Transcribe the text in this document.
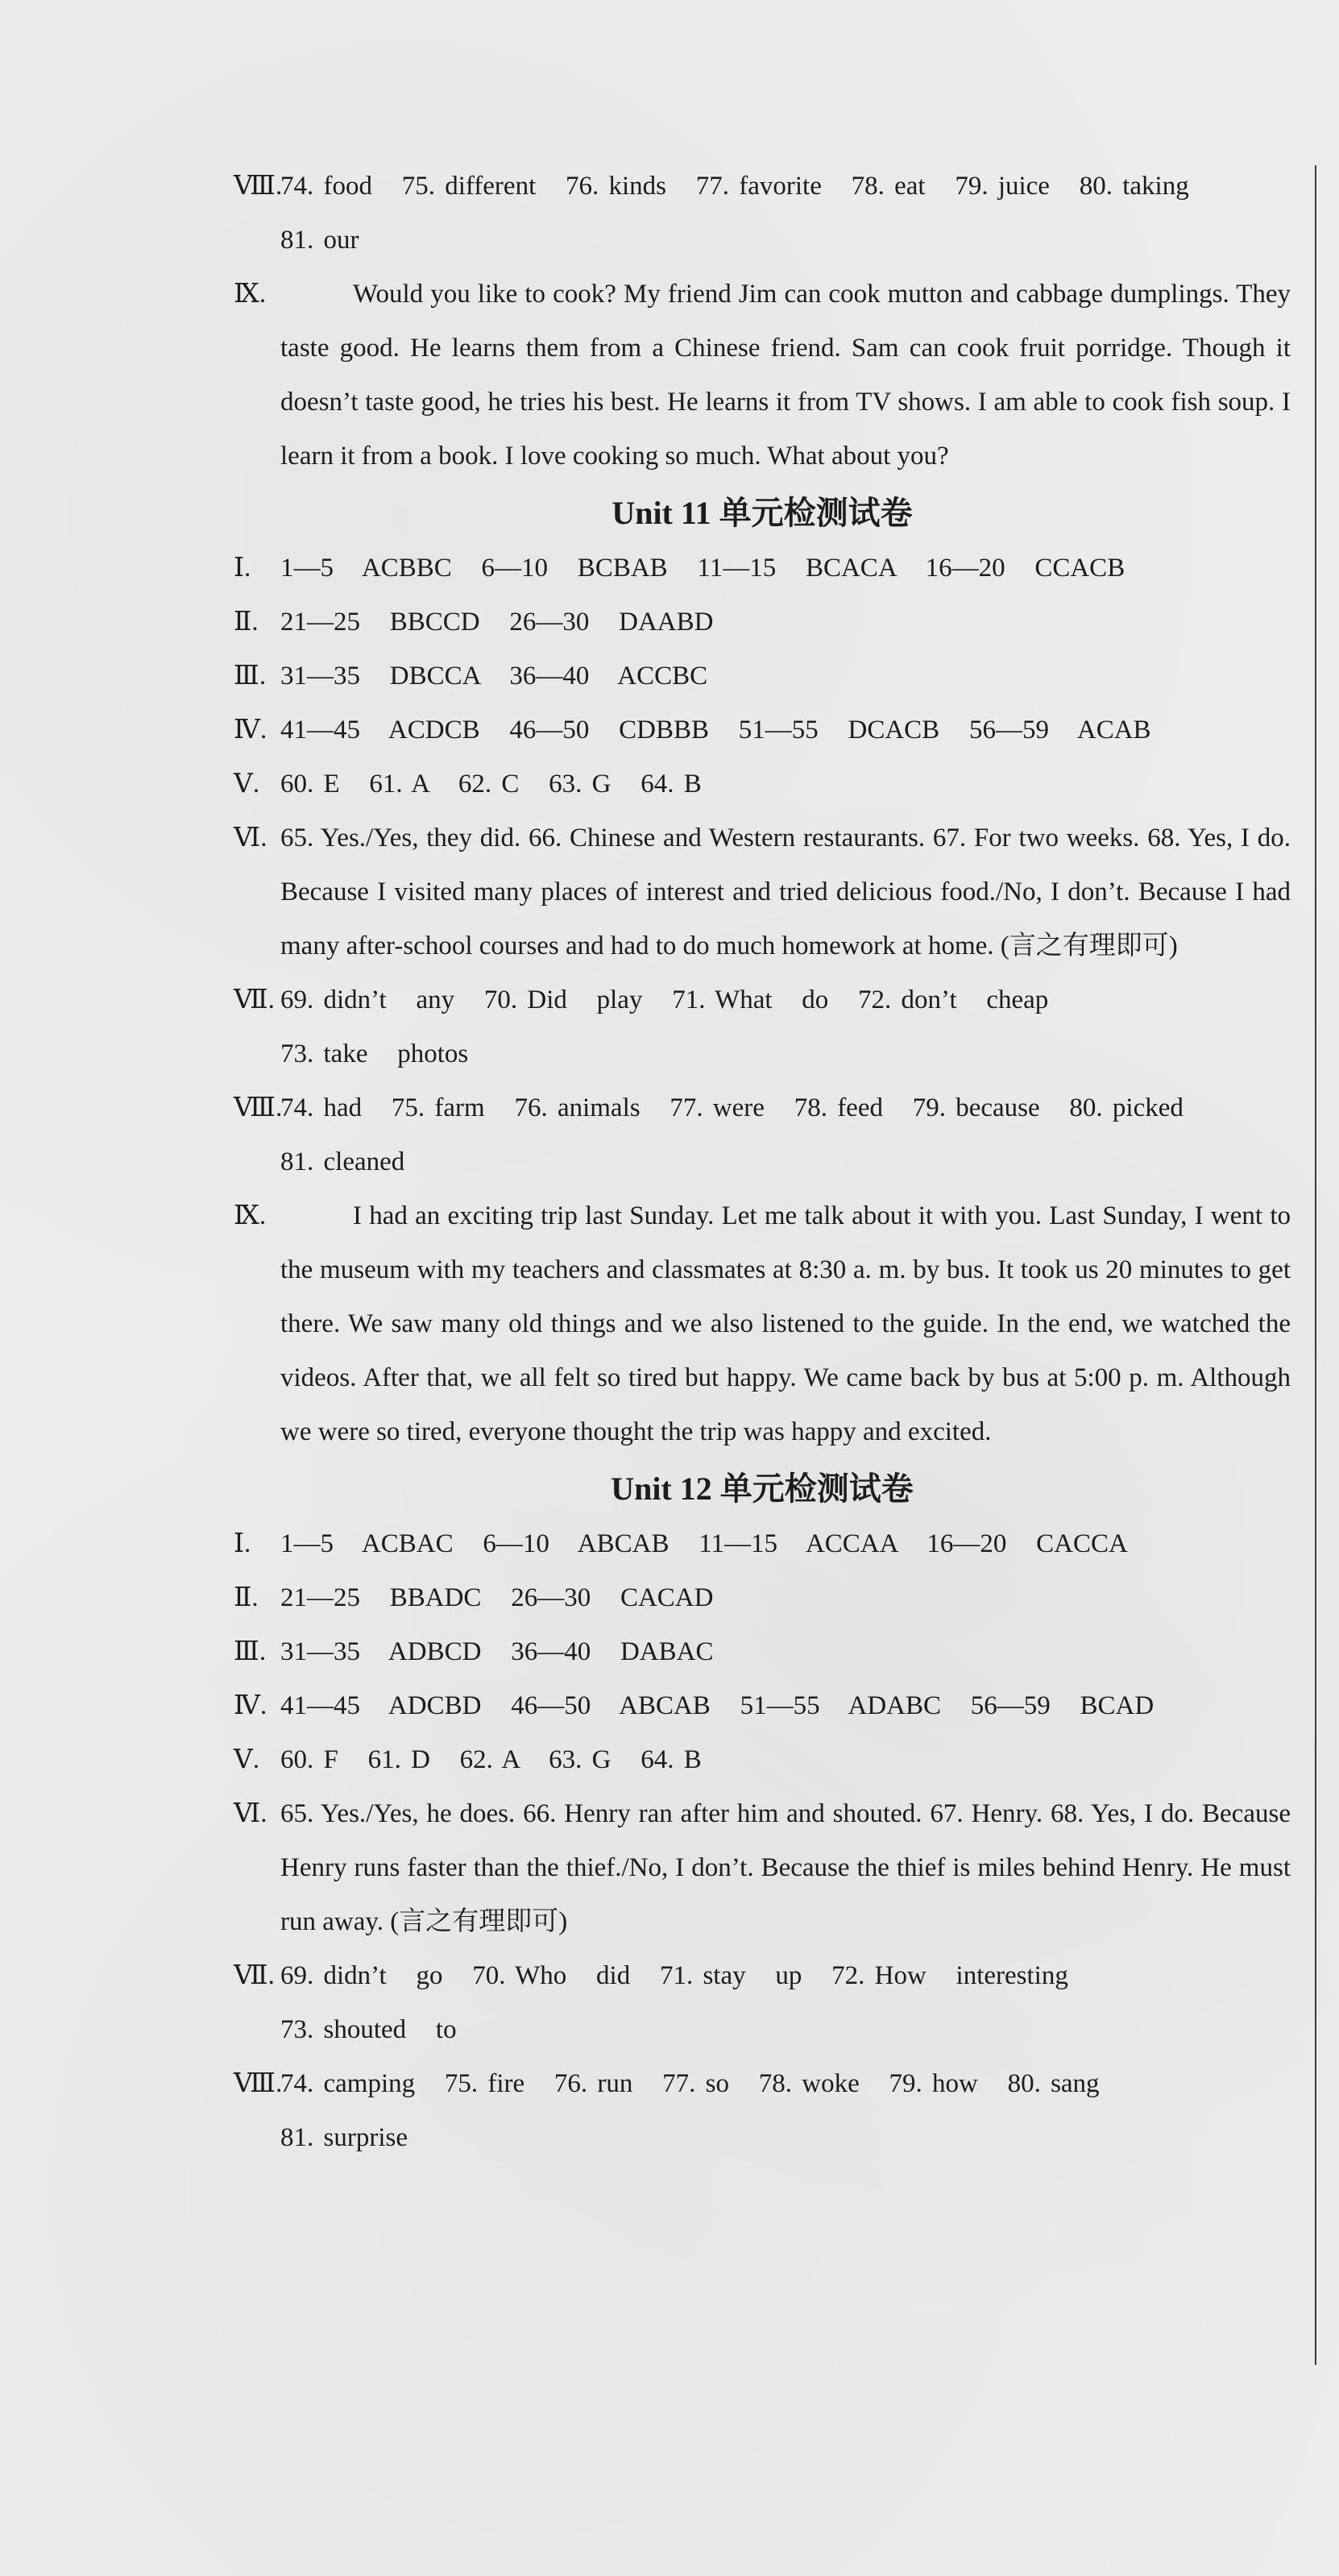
Ⅷ.
74. food   75. different   76. kinds   77. favorite   78. eat   79. juice   80. taking
81. our
Ⅸ.	Would you like to cook? My friend Jim can cook mutton and cabbage dumplings. They taste good. He learns them from a Chinese friend. Sam can cook fruit porridge. Though it doesn’t taste good, he tries his best. He learns it from TV shows. I am able to cook fish soup. I learn it from a book. I love cooking so much. What about you?
Unit 11 单元检测试卷
Ⅰ.	1—5   ACBBC   6—10   BCBAB   11—15   BCACA   16—20   CCACB
Ⅱ. 21—25   BBCCD   26—30   DAABD
Ⅲ. 31—35   DBCCA   36—40   ACCBC
Ⅳ. 41—45   ACDCB   46—50   CDBBB   51—55   DCACB   56—59   ACAB
Ⅴ. 60. E   61. A   62. C   63. G   64. B
Ⅵ. 65. Yes./Yes, they did. 66. Chinese and Western restaurants. 67. For two weeks. 68. Yes, I do. Because I visited many places of interest and tried delicious food./No, I don’t. Because I had many after-school courses and had to do much homework at home. (言之有理即可)
Ⅶ. 69. didn’t   any   70. Did   play   71. What   do   72. don’t   cheap
73. take   photos
Ⅷ.
74. had   75. farm   76. animals   77. were   78. feed   79. because   80. picked
81. cleaned
Ⅸ.	I had an exciting trip last Sunday. Let me talk about it with you. Last Sunday, I went to the museum with my teachers and classmates at 8:30 a. m. by bus. It took us 20 minutes to get there. We saw many old things and we also listened to the guide. In the end, we watched the videos. After that, we all felt so tired but happy. We came back by bus at 5:00 p. m. Although we were so tired, everyone thought the trip was happy and excited.
Unit 12 单元检测试卷
Ⅰ.	1—5   ACBAC   6—10   ABCAB   11—15   ACCAA   16—20   CACCA
Ⅱ. 21—25   BBADC   26—30   CACAD
Ⅲ. 31—35   ADBCD   36—40   DABAC
Ⅳ. 41—45   ADCBD   46—50   ABCAB   51—55   ADABC   56—59   BCAD
Ⅴ. 60. F   61. D   62. A   63. G   64. B
Ⅵ. 65. Yes./Yes, he does. 66. Henry ran after him and shouted. 67. Henry. 68. Yes, I do. Because Henry runs faster than the thief./No, I don’t. Because the thief is miles behind Henry. He must run away. (言之有理即可)
Ⅶ. 69. didn’t   go   70. Who   did   71. stay   up   72. How   interesting
73. shouted   to
Ⅷ.
74. camping   75. fire   76. run   77. so   78. woke   79. how   80. sang
81. surprise
